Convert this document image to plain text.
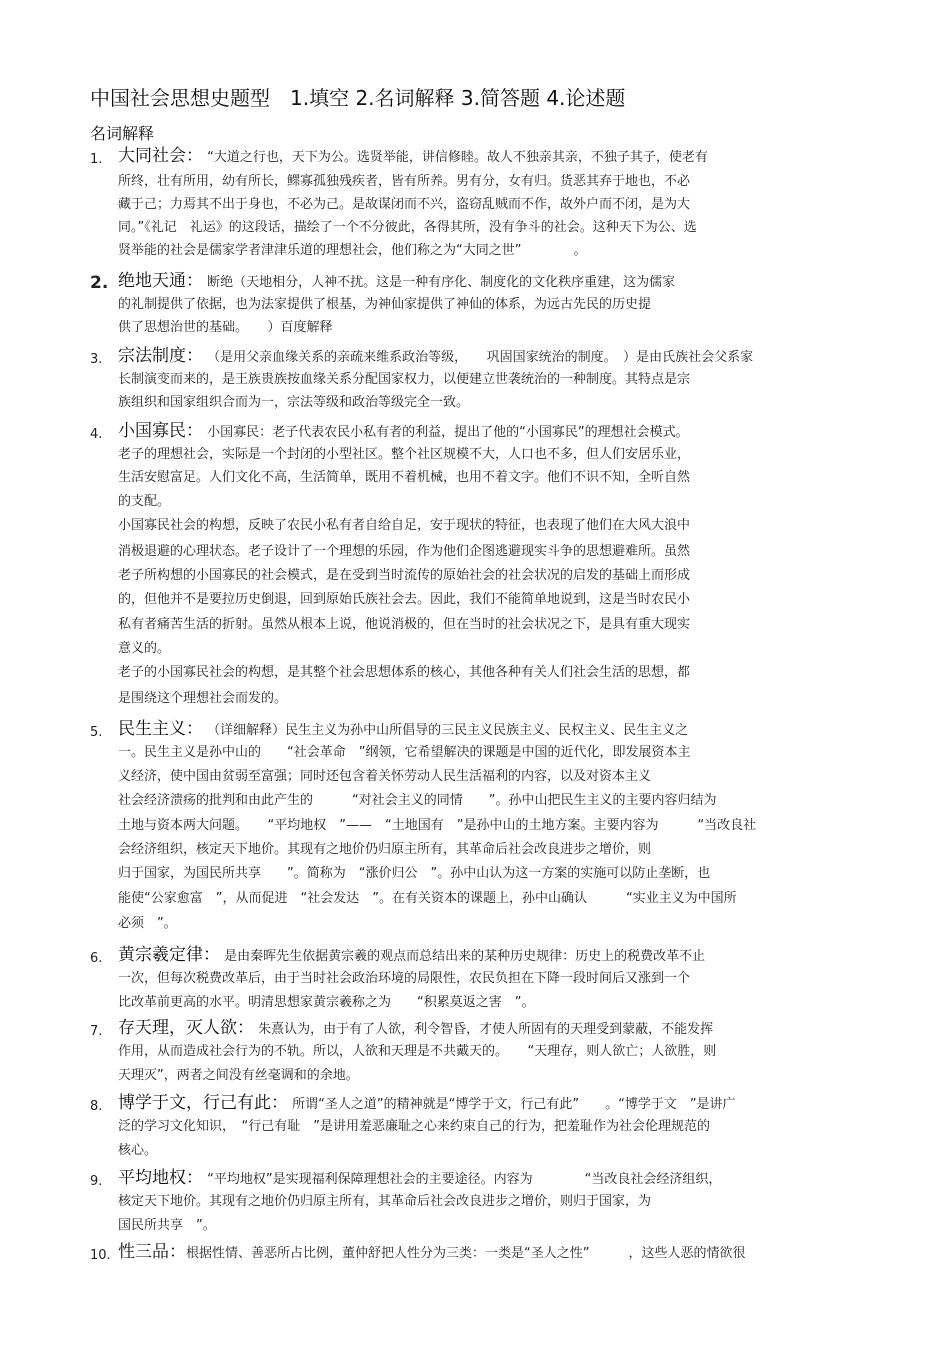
中国社会思想史题型　1.填空 2.名词解释 3.简答题 4.论述题
名词解释
1. 大同社会： “大道之行也，天下为公。选贤举能，讲信修睦。故人不独亲其亲，不独子其子，使老有
所终，壮有所用，幼有所长，鳏寡孤独残疾者，皆有所养。男有分，女有归。货恶其弃于地也，不必
藏于己；力焉其不出于身也，不必为己。是故谋闭而不兴，盗窃乱贼而不作，故外户而不闭，是为大
同。”《礼记　礼运》的这段话，描绘了一个不分彼此，各得其所，没有争斗的社会。这种天下为公、选
贤举能的社会是儒家学者津津乐道的理想社会，他们称之为“大同之世”　　　　。
2. 绝地天通： 断绝（天地相分，人神不扰。这是一种有序化、制度化的文化秩序重建，这为儒家
的礼制提供了依据，也为法家提供了根基，为神仙家提供了神仙的体系，为远古先民的历史提
供了思想治世的基础。　　）百度解释
3. 宗法制度： （是用父亲血缘关系的亲疏来维系政治等级，　　巩固国家统治的制度。　）是由氏族社会父系家
长制演变而来的，是王族贵族按血缘关系分配国家权力，以便建立世袭统治的一种制度。其特点是宗
族组织和国家组织合而为一，宗法等级和政治等级完全一致。
4. 小国寡民： 小国寡民：老子代表农民小私有者的利益，提出了他的“小国寡民”的理想社会模式。
老子的理想社会，实际是一个封闭的小型社区。整个社区规模不大，人口也不多，但人们安居乐业，
生活安慰富足。人们文化不高，生活简单，既用不着机械，也用不着文字。他们不识不知，全听自然
的支配。
小国寡民社会的构想，反映了农民小私有者自给自足，安于现状的特征，也表现了他们在大风大浪中
消极退避的心理状态。老子设计了一个理想的乐园，作为他们企图逃避现实斗争的思想避难所。虽然
老子所构想的小国寡民的社会模式，是在受到当时流传的原始社会的社会状况的启发的基础上而形成
的，但他并不是要拉历史倒退，回到原始氏族社会去。因此，我们不能简单地说到，这是当时农民小
私有者痛苦生活的折射。虽然从根本上说，他说消极的，但在当时的社会状况之下，是具有重大现实
意义的。
老子的小国寡民社会的构想，是其整个社会思想体系的核心，其他各种有关人们社会生活的思想，都
是围绕这个理想社会而发的。
5. 民生主义： （详细解释）民生主义为孙中山所倡导的三民主义民族主义、民权主义、民生主义之
一。民生主义是孙中山的　　“社会革命　”纲领，它希望解决的课题是中国的近代化，即发展资本主
义经济，使中国由贫弱至富强；同时还包含着关怀劳动人民生活福利的内容，以及对资本主义
社会经济溃疡的批判和由此产生的　　　“对社会主义的同情　　”。孙中山把民生主义的主要内容归结为
土地与资本两大问题。　　“平均地权　”——　“土地国有　”是孙中山的土地方案。主要内容为　　　“当改良社
会经济组织，核定天下地价。其现有之地价仍归原主所有，其革命后社会改良进步之增价，则
归于国家，为国民所共享　　”。简称为　“涨价归公　”。孙中山认为这一方案的实施可以防止垄断，也
能使“公家愈富　”，从而促进　“社会发达　”。在有关资本的课题上，孙中山确认　　　“实业主义为中国所
必须　”。
6. 黄宗羲定律： 是由秦晖先生依据黄宗羲的观点而总结出来的某种历史规律：历史上的税费改革不止
一次，但每次税费改革后，由于当时社会政治环境的局限性，农民负担在下降一段时间后又涨到一个
比改革前更高的水平。明清思想家黄宗羲称之为　　“积累莫返之害　”。
7. 存天理，灭人欲： 朱熹认为，由于有了人欲，利令智昏，才使人所固有的天理受到蒙蔽，不能发挥
作用，从而造成社会行为的不轨。所以，人欲和天理是不共戴天的。　　“天理存，则人欲亡；人欲胜，则
天理灭”，两者之间没有丝毫调和的余地。
8. 博学于文，行己有此： 所谓“圣人之道”的精神就是“博学于文，行己有此”　　。“博学于文　”是讲广
泛的学习文化知识，　“行己有耻　”是讲用羞恶廉耻之心来约束自己的行为，把羞耻作为社会伦理规范的
核心。
9. 平均地权： “平均地权”是实现福利保障理想社会的主要途径。内容为　　　　“当改良社会经济组织，
核定天下地价。其现有之地价仍归原主所有，其革命后社会改良进步之增价，则归于国家，为
国民所共享　”。
10. 性三品：根据性情、善恶所占比例，董仲舒把人性分为三类：一类是“圣人之性”　　　，这些人恶的情欲很
